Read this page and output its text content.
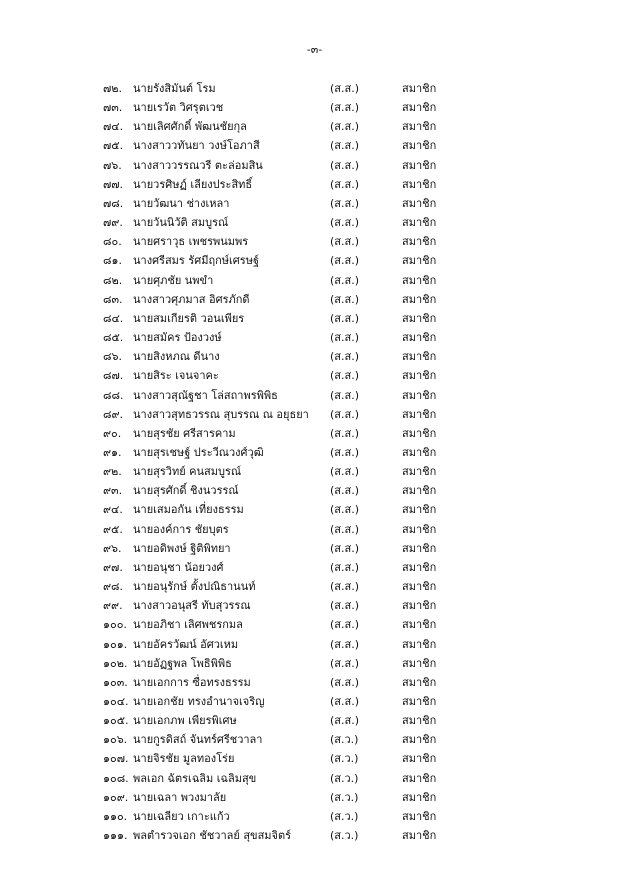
-๓-
๗๒. นายรังสิมันต์ โรม	(ส.ส.)	สมาชิก
๗๓. นายเรวัต วิศรุตเวช	(ส.ส.)	สมาชิก
๗๔. นายเลิศศักดิ์ พัฒนชัยกุล	(ส.ส.)	สมาชิก
๗๕. นางสาววทันยา วงษ์โอภาสี	(ส.ส.)	สมาชิก
๗๖.	นางสาววรรณวรี ตะล่อมสิน	(ส.ส.)	สมาชิก
๗๗. นายวรศิษฏ์ เลียงประสิทธิ์	(ส.ส.)	สมาชิก
๗๘. นายวัฒนา ช่างเหลา	(ส.ส.)	สมาชิก
๗๙. นายวันนิวัติ สมบูรณ์	(ส.ส.)	สมาชิก
๘๐.	นายศราวุธ เพชรพนมพร	(ส.ส.)	สมาชิก
๘๑.	นางศรีสมร รัศมีฤกษ์เศรษฐ์	(ส.ส.)	สมาชิก
๘๒. นายศุภชัย นพขำ	(ส.ส.)	สมาชิก
๘๓. นางสาวศุภมาส อิศรภักดี	(ส.ส.)	สมาชิก
๘๔. นายสมเกียรติ วอนเพียร	(ส.ส.)	สมาชิก
๘๕. นายสมัคร ป้องวงษ์	(ส.ส.)	สมาชิก
๘๖.	นายสิงหภณ ดีนาง	(ส.ส.)	สมาชิก
๘๗. นายสิระ เจนจาคะ	(ส.ส.)	สมาชิก
๘๘. นางสาวสุณัฐชา โล่สถาพรพิพิธ	(ส.ส.)	สมาชิก
๘๙. นางสาวสุทธวรรณ สุบรรณ ณ อยุธยา	(ส.ส.)	สมาชิก
๙๐.	นายสุรชัย ศรีสารคาม	(ส.ส.)	สมาชิก
๙๑.	นายสุรเชษฐ์ ประวีณวงศ์วุฒิ	(ส.ส.)	สมาชิก
๙๒.	นายสุรวิทย์ คนสมบูรณ์	(ส.ส.)	สมาชิก
๙๓. นายสุรศักดิ์ ชิงนวรรณ์	(ส.ส.)	สมาชิก
๙๔. นายเสมอกัน เที่ยงธรรม	(ส.ส.)	สมาชิก
๙๕. นายองค์การ ชัยบุตร	(ส.ส.)	สมาชิก
๙๖.	นายอดิพงษ์ ฐิติพิทยา	(ส.ส.)	สมาชิก
๙๗. นายอนุชา น้อยวงศ์	(ส.ส.)	สมาชิก
๙๘. นายอนุรักษ์ ตั้งปณิธานนท์	(ส.ส.)	สมาชิก
๙๙. นางสาวอนุสรี ทับสุวรรณ	(ส.ส.)	สมาชิก
๑๐๐. นายอภิชา เลิศพชรกมล	(ส.ส.)	สมาชิก
๑๐๑. นายอัครวัฒน์ อัศวเหม	(ส.ส.)	สมาชิก
๑๐๒. นายอัฏฐพล โพธิพิพิธ	(ส.ส.)	สมาชิก
๑๐๓. นายเอกการ ซื่อทรงธรรม	(ส.ส.)	สมาชิก
๑๐๔. นายเอกชัย ทรงอำนาจเจริญ	(ส.ส.)	สมาชิก
๑๐๕. นายเอกภพ เพียรพิเศษ	(ส.ส.)	สมาชิก
๑๐๖. นายกูรดิสถ์ จันทร์ศรีชวาลา	(ส.ว.)	สมาชิก
๑๐๗. นายจิรชัย มูลทองโร่ย	(ส.ว.)	สมาชิก
๑๐๘. พลเอก ฉัตรเฉลิม เฉลิมสุข	(ส.ว.)	สมาชิก
๑๐๙. นายเฉลา พวงมาลัย	(ส.ว.)	สมาชิก
๑๑๐. นายเฉลียว เกาะแก้ว	(ส.ว.)	สมาชิก
๑๑๑. พลตำรวจเอก ชัชวาลย์ สุขสมจิตร์	(ส.ว.)	สมาชิก
